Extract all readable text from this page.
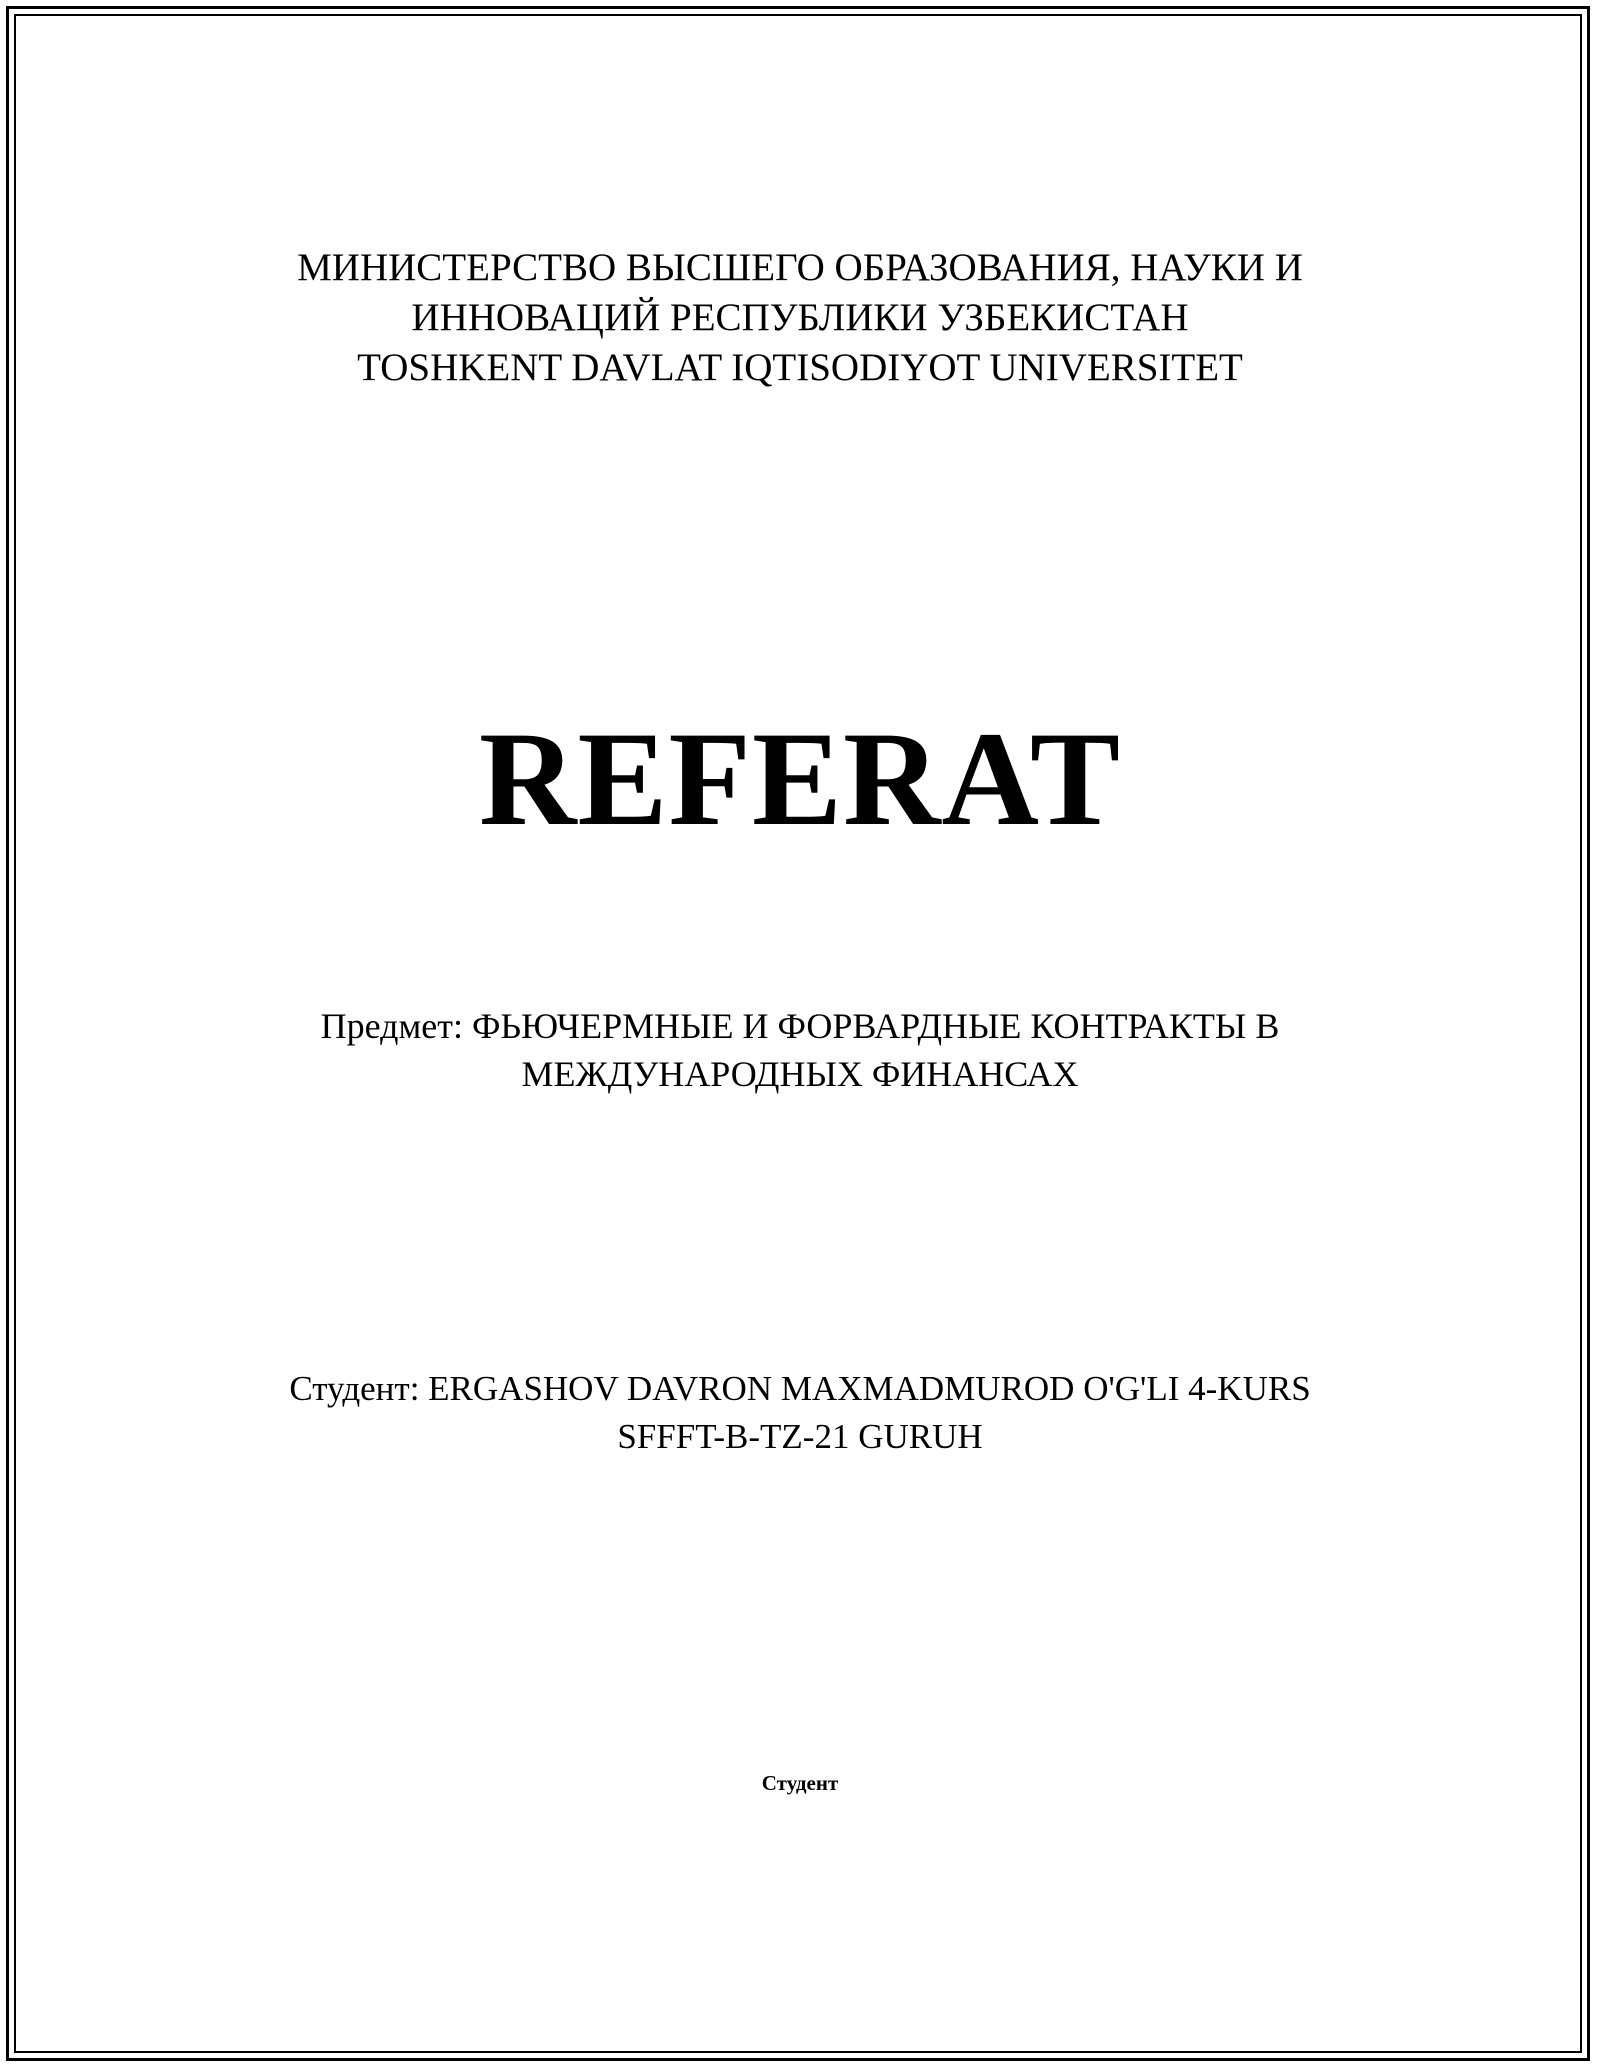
МИНИСТЕРСТВО ВЫСШЕГО ОБРАЗОВАНИЯ, НАУКИ И
ИННОВАЦИЙ РЕСПУБЛИКИ УЗБЕКИСТАН
TOSHKENT DAVLAT IQTISODIYOT UNIVERSITET
REFERAT
Предмет: ФЬЮЧЕРМНЫЕ И ФОРВАРДНЫЕ КОНТРАКТЫ В
МЕЖДУНАРОДНЫХ ФИНАНСАХ
Студент: ERGASHOV DAVRON MAXMADMUROD O'G'LI 4-KURS
SFFFT-B-TZ-21 GURUH
Студент
